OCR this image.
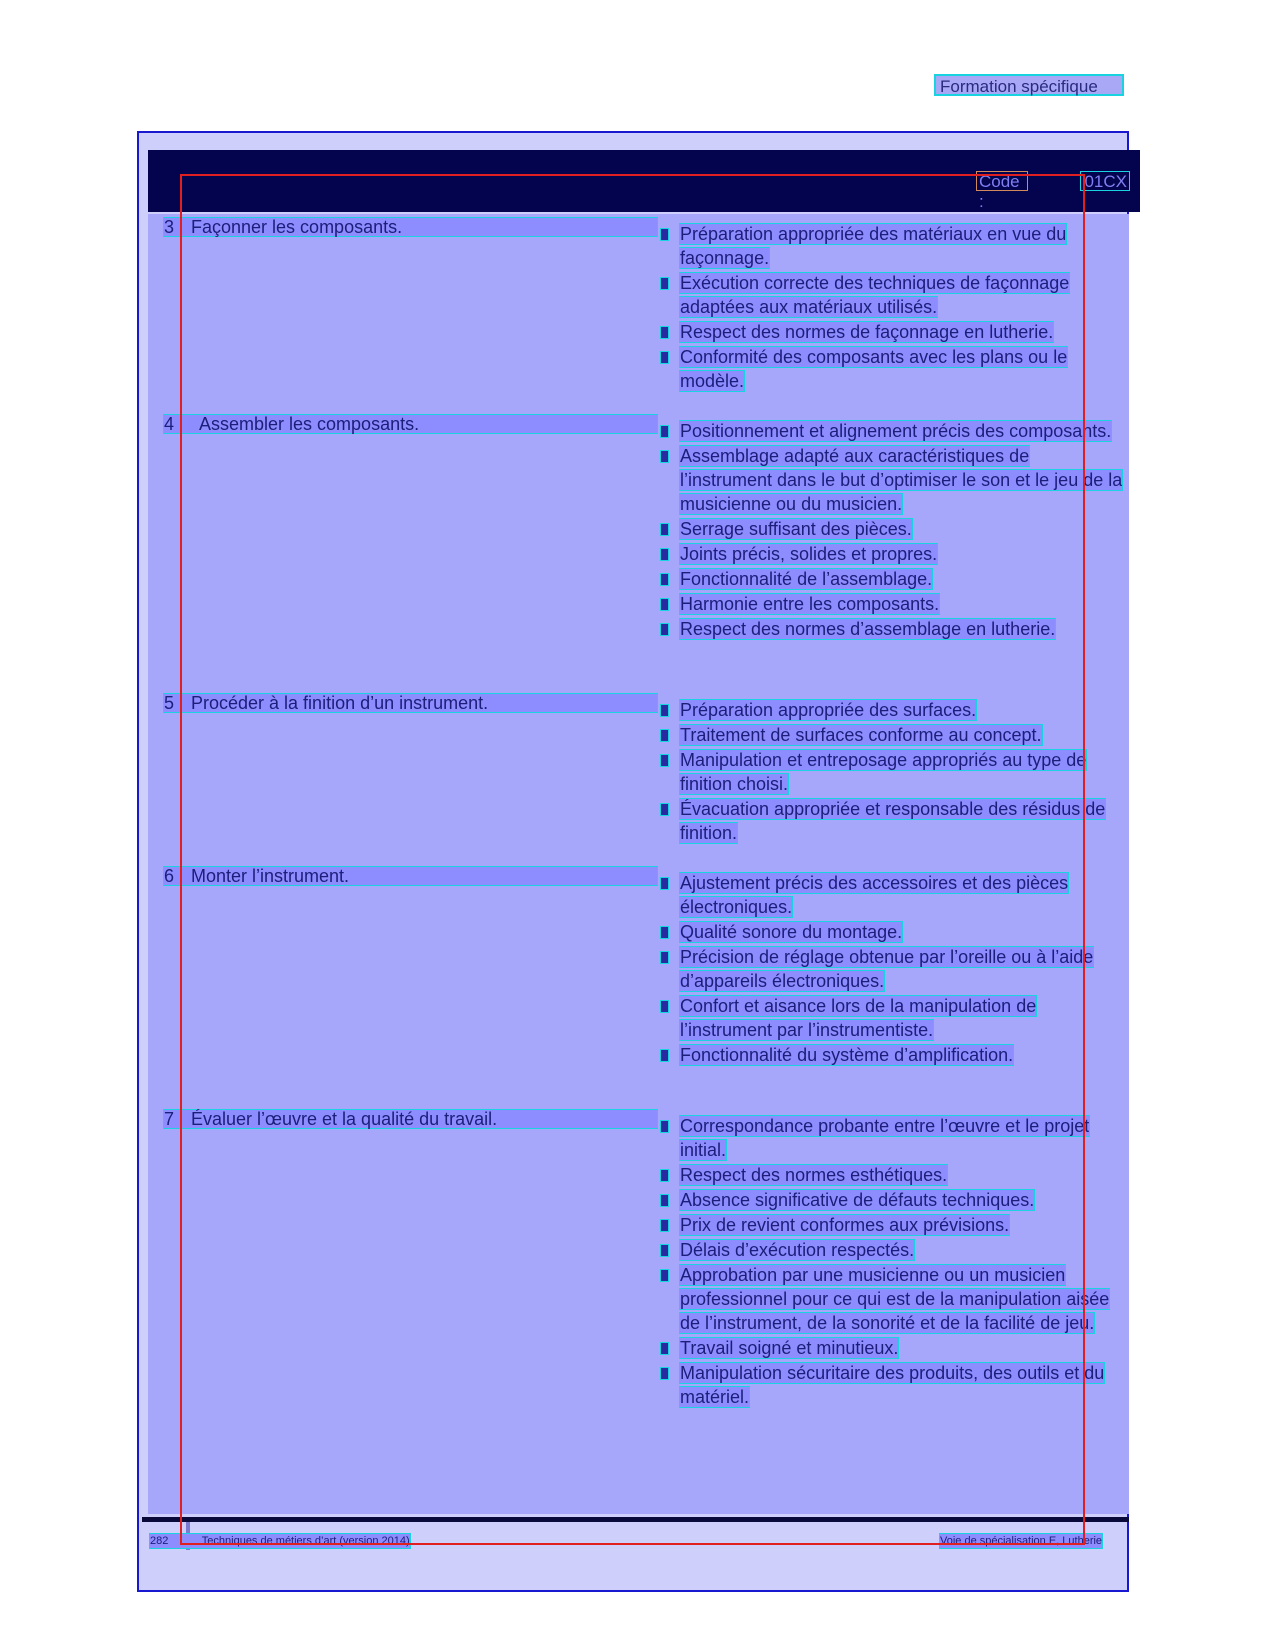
Formation spécifique
Code :
01CX
3 Façonner les composants.	Préparation appropriée des matériaux en vue du façonnage.
Exécution correcte des techniques de façonnage adaptées aux matériaux utilisés.
Respect des normes de façonnage en lutherie.
Conformité des composants avec les plans ou le modèle.
4 Assembler les composants.	Positionnement et alignement précis des composants.
Assemblage adapté aux caractéristiques de l’instrument dans le but d’optimiser le son et le jeu de la musicienne ou du musicien.
Serrage suffisant des pièces.
Joints précis, solides et propres.
Fonctionnalité de l’assemblage.
Harmonie entre les composants.
Respect des normes d’assemblage en lutherie.
5 Procéder à la finition d’un instrument.	Préparation appropriée des surfaces.
Traitement de surfaces conforme au concept.
Manipulation et entreposage appropriés au type de finition choisi.
Évacuation appropriée et responsable des résidus de finition.
6 Monter l’instrument.	Ajustement précis des accessoires et des pièces électroniques.
Qualité sonore du montage.
Précision de réglage obtenue par l’oreille ou à l’aide d’appareils électroniques.
Confort et aisance lors de la manipulation de l’instrument par l’instrumentiste.
Fonctionnalité du système d’amplification.
7 Évaluer l’œuvre et la qualité du travail.	Correspondance probante entre l’œuvre et le projet initial.
Respect des normes esthétiques.
Absence significative de défauts techniques.
Prix de revient conformes aux prévisions.
Délais d’exécution respectés.
Approbation par une musicienne ou un musicien professionnel pour ce qui est de la manipulation aisée de l’instrument, de la sonorité et de la facilité de jeu.
Travail soigné et minutieux.
Manipulation sécuritaire des produits, des outils et du matériel.
282	Techniques de métiers d’art (version 2014)	Voie de spécialisation E, Lutherie
